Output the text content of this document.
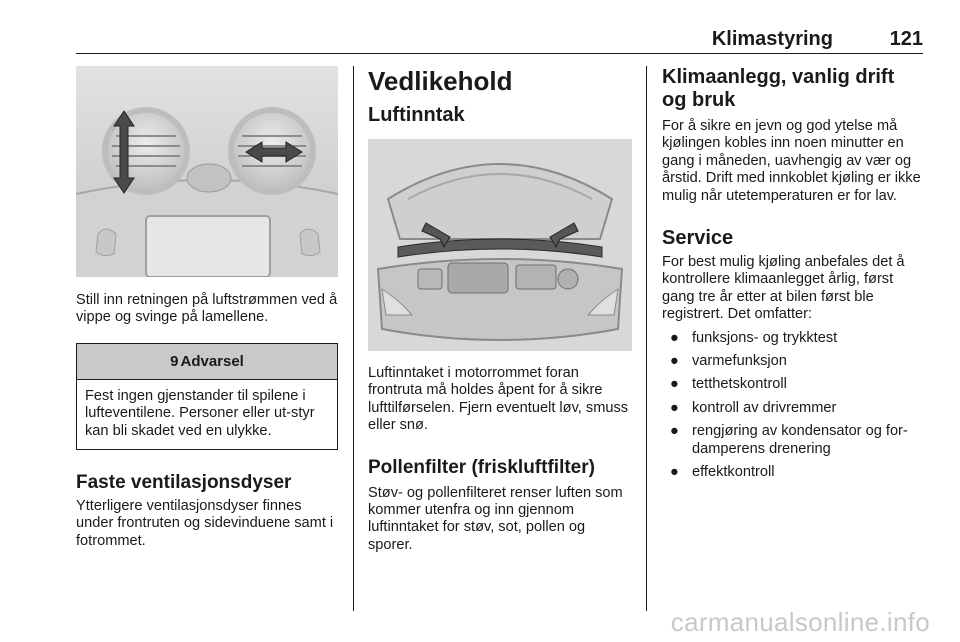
Klimastyring	121

Still inn retningen på luftstrømmen ved å vippe og svinge på lamellene.

9 Advarsel

Fest ingen gjenstander til spilene i lufteventilene. Personer eller ut-styr kan bli skadet ved en ulykke.

Faste ventilasjonsdyser

Ytterligere ventilasjonsdyser finnes under frontruten og sidevinduene samt i fotrommet.

Vedlikehold
Luftinntak

Luftinntaket i motorrommet foran frontruta må holdes åpent for å sikre lufttilførselen. Fjern eventuelt løv, smuss eller snø.

Pollenfilter (friskluftfilter)

Støv- og pollenfilteret renser luften som kommer utenfra og inn gjennom luftinntaket for støv, sot, pollen og sporer.

Klimaanlegg, vanlig drift og bruk

For å sikre en jevn og god ytelse må kjølingen kobles inn noen minutter en gang i måneden, uavhengig av vær og årstid. Drift med innkoblet kjøling er ikke mulig når utetemperaturen er for lav.

Service

For best mulig kjøling anbefales det å kontrollere klimaanlegget årlig, først gang tre år etter at bilen først ble registrert. Det omfatter:

● funksjons- og trykktest
● varmefunksjon
● tetthetskontroll
● kontroll av drivremmer
● rengjøring av kondensator og for-damperens drenering
● effektkontroll
carmanualsonline.info
